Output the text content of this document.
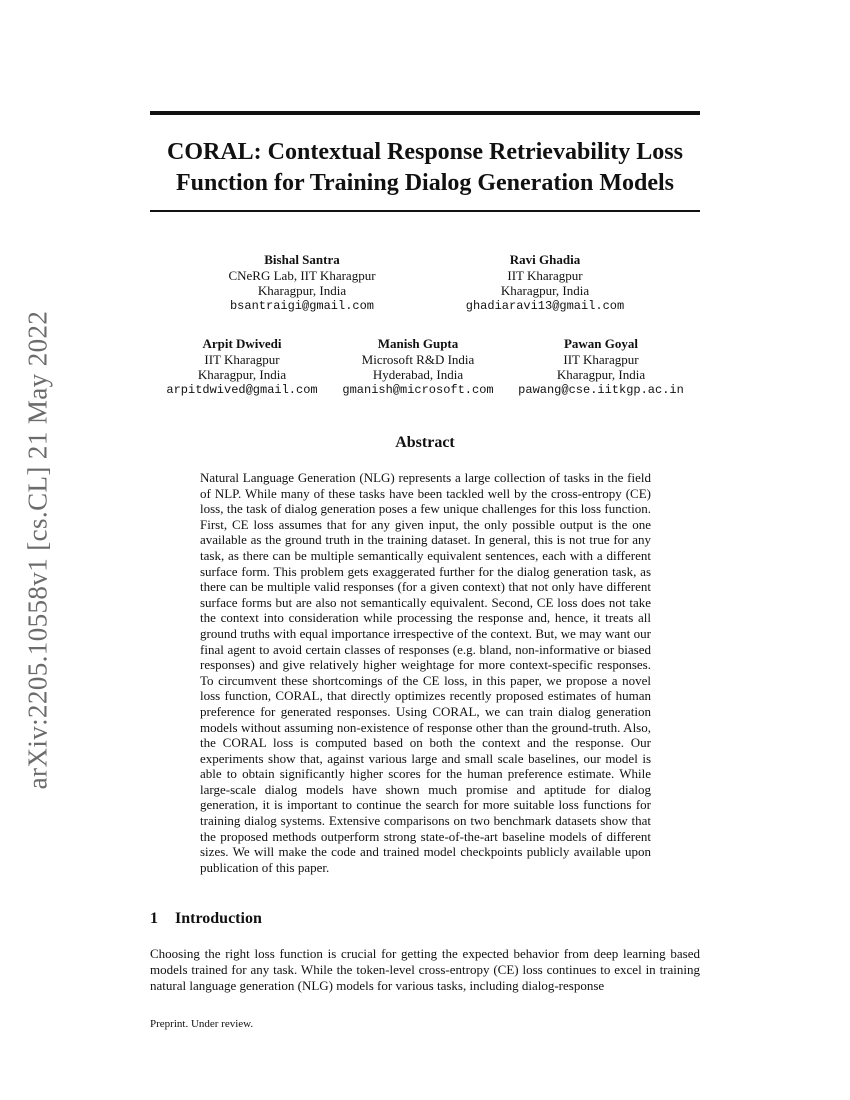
arXiv:2205.10558v1 [cs.CL] 21 May 2022
CORAL: Contextual Response Retrievability Loss Function for Training Dialog Generation Models
Bishal Santra
CNeRG Lab, IIT Kharagpur
Kharagpur, India
bsantraigi@gmail.com
Ravi Ghadia
IIT Kharagpur
Kharagpur, India
ghadiaravi13@gmail.com
Arpit Dwivedi
IIT Kharagpur
Kharagpur, India
arpitdwived@gmail.com
Manish Gupta
Microsoft R&D India
Hyderabad, India
gmanish@microsoft.com
Pawan Goyal
IIT Kharagpur
Kharagpur, India
pawang@cse.iitkgp.ac.in
Abstract

Natural Language Generation (NLG) represents a large collection of tasks in the field of NLP. While many of these tasks have been tackled well by the cross-entropy (CE) loss, the task of dialog generation poses a few unique challenges for this loss function. First, CE loss assumes that for any given input, the only possible output is the one available as the ground truth in the training dataset. In general, this is not true for any task, as there can be multiple semantically equivalent sentences, each with a different surface form. This problem gets exaggerated further for the dialog generation task, as there can be multiple valid responses (for a given context) that not only have different surface forms but are also not semantically equivalent. Second, CE loss does not take the context into consideration while processing the response and, hence, it treats all ground truths with equal importance irrespective of the context. But, we may want our final agent to avoid certain classes of responses (e.g. bland, non-informative or biased responses) and give relatively higher weightage for more context-specific responses. To circumvent these shortcomings of the CE loss, in this paper, we propose a novel loss function, CORAL, that directly optimizes recently proposed estimates of human preference for generated responses. Using CORAL, we can train dialog generation models without assuming non-existence of response other than the ground-truth. Also, the CORAL loss is computed based on both the context and the response. Our experiments show that, against various large and small scale baselines, our model is able to obtain significantly higher scores for the human preference estimate. While large-scale dialog models have shown much promise and aptitude for dialog generation, it is important to continue the search for more suitable loss functions for training dialog systems. Extensive comparisons on two benchmark datasets show that the proposed methods outperform strong state-of-the-art baseline models of different sizes. We will make the code and trained model checkpoints publicly available upon publication of this paper.

1 Introduction

Choosing the right loss function is crucial for getting the expected behavior from deep learning based models trained for any task. While the token-level cross-entropy (CE) loss continues to excel in training natural language generation (NLG) models for various tasks, including dialog-response

Preprint. Under review.
